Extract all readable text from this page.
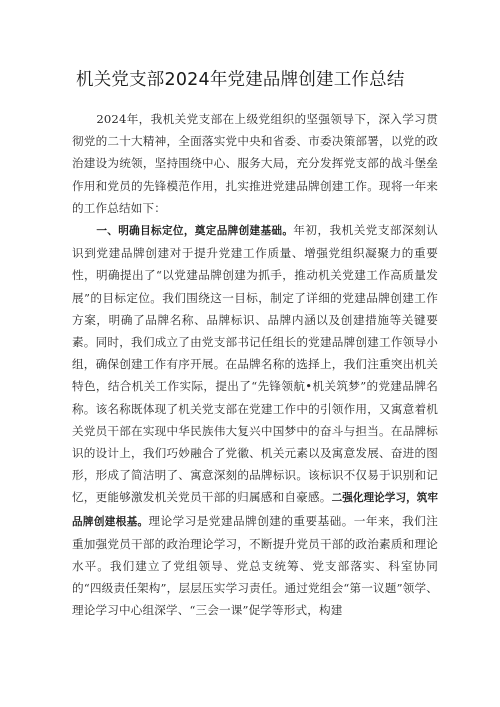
机关党支部2024年党建品牌创建工作总结

2024年，我机关党支部在上级党组织的坚强领导下，深入学习贯彻党的二十大精神，全面落实党中央和省委、市委决策部署，以党的政治建设为统领，坚持围绕中心、服务大局，充分发挥党支部的战斗堡垒作用和党员的先锋模范作用，扎实推进党建品牌创建工作。现将一年来的工作总结如下：

一、明确目标定位，奠定品牌创建基础。年初，我机关党支部深刻认识到党建品牌创建对于提升党建工作质量、增强党组织凝聚力的重要性，明确提出了“以党建品牌创建为抓手，推动机关党建工作高质量发展”的目标定位。我们围绕这一目标，制定了详细的党建品牌创建工作方案，明确了品牌名称、品牌标识、品牌内涵以及创建措施等关键要素。同时，我们成立了由党支部书记任组长的党建品牌创建工作领导小组，确保创建工作有序开展。在品牌名称的选择上，我们注重突出机关特色，结合机关工作实际，提出了“先锋领航•机关筑梦”的党建品牌名称。该名称既体现了机关党支部在党建工作中的引领作用，又寓意着机关党员干部在实现中华民族伟大复兴中国梦中的奋斗与担当。在品牌标识的设计上，我们巧妙融合了党徽、机关元素以及寓意发展、奋进的图形，形成了简洁明了、寓意深刻的品牌标识。该标识不仅易于识别和记忆，更能够激发机关党员干部的归属感和自豪感。二强化理论学习，筑牢品牌创建根基。理论学习是党建品牌创建的重要基础。一年来，我们注重加强党员干部的政治理论学习，不断提升党员干部的政治素质和理论水平。我们建立了党组领导、党总支统筹、党支部落实、科室协同的“四级责任架构”，层层压实学习责任。通过党组会“第一议题”领学、理论学习中心组深学、“三会一课”促学等形式，构建
